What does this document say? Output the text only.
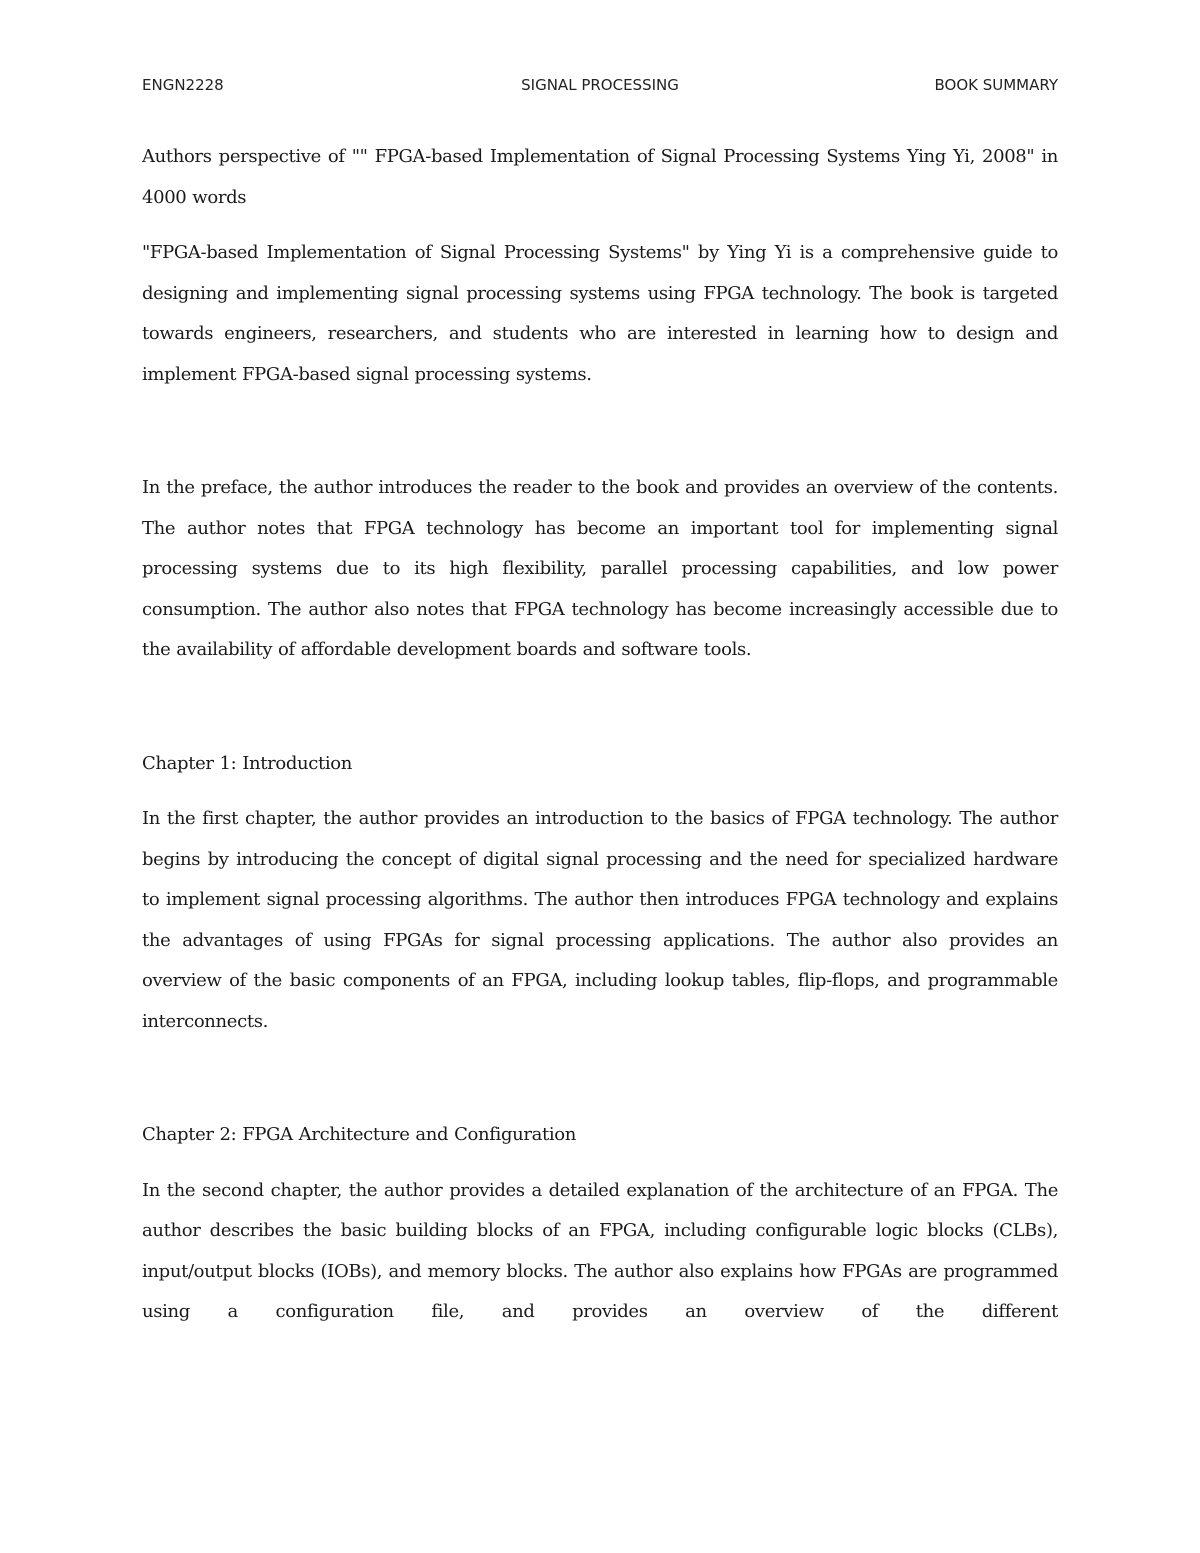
ENGN2228	SIGNAL PROCESSING	BOOK SUMMARY

Authors perspective of "" FPGA-based Implementation of Signal Processing Systems Ying Yi, 2008" in 4000 words

"FPGA-based Implementation of Signal Processing Systems" by Ying Yi is a comprehensive guide to designing and implementing signal processing systems using FPGA technology. The book is targeted towards engineers, researchers, and students who are interested in learning how to design and implement FPGA-based signal processing systems.

In the preface, the author introduces the reader to the book and provides an overview of the contents. The author notes that FPGA technology has become an important tool for implementing signal processing systems due to its high flexibility, parallel processing capabilities, and low power consumption. The author also notes that FPGA technology has become increasingly accessible due to the availability of affordable development boards and software tools.

Chapter 1: Introduction

In the first chapter, the author provides an introduction to the basics of FPGA technology. The author begins by introducing the concept of digital signal processing and the need for specialized hardware to implement signal processing algorithms. The author then introduces FPGA technology and explains the advantages of using FPGAs for signal processing applications. The author also provides an overview of the basic components of an FPGA, including lookup tables, flip-flops, and programmable interconnects.

Chapter 2: FPGA Architecture and Configuration

In the second chapter, the author provides a detailed explanation of the architecture of an FPGA. The author describes the basic building blocks of an FPGA, including configurable logic blocks (CLBs), input/output blocks (IOBs), and memory blocks. The author also explains how FPGAs are programmed using a configuration file, and provides an overview of the different
